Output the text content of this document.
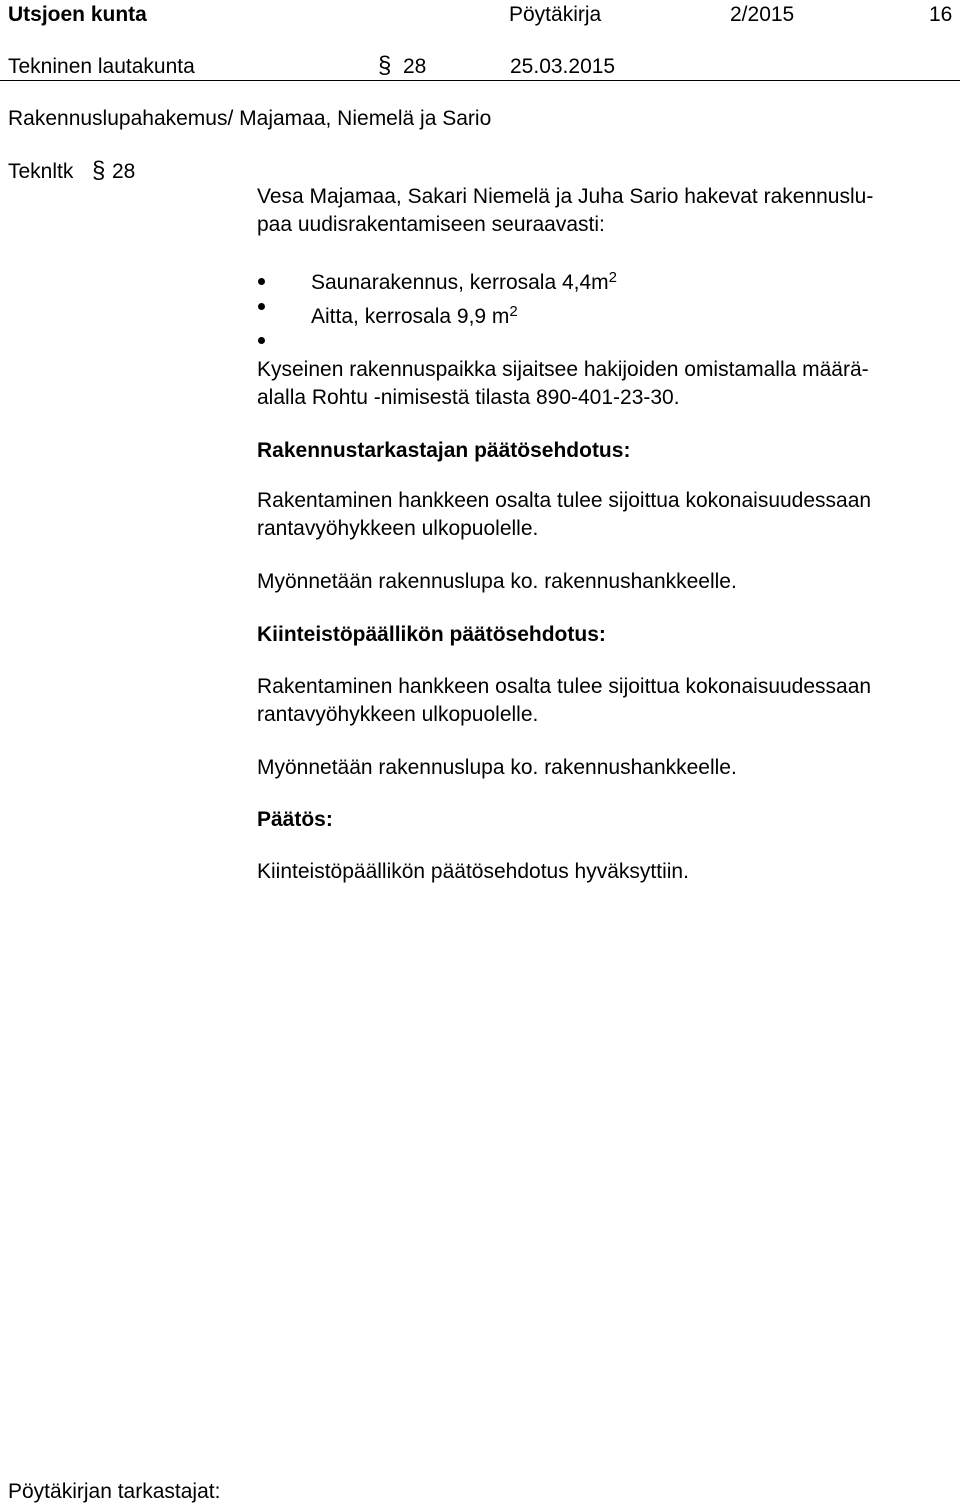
Utsjoen kunta	Pöytäkirja	2/2015	16
Tekninen lautakunta	§ 28	25.03.2015
Rakennuslupahakemus/ Majamaa, Niemelä ja Sario
Teknltk § 28
Vesa Majamaa, Sakari Niemelä ja Juha Sario hakevat rakennuslu-
paa uudisrakentamiseen seuraavasti:
Saunarakennus, kerrosala $4,4m^2$
Aitta, kerrosala 9,9 $m^2$
Kyseinen rakennuspaikka sijaitsee hakijoiden omistamalla määrä-
alalla Rohtu -nimisestä tilasta 890-401-23-30.
Rakennustarkastajan päätösehdotus:
Rakentaminen hankkeen osalta tulee sijoittua kokonaisuudessaan
rantavyöhykkeen ulkopuolelle.
Myönnetään rakennuslupa ko. rakennushankkeelle.
Kiinteistöpäällikön päätösehdotus:
Rakentaminen hankkeen osalta tulee sijoittua kokonaisuudessaan
rantavyöhykkeen ulkopuolelle.
Myönnetään rakennuslupa ko. rakennushankkeelle.
Päätös:
Kiinteistöpäällikön päätösehdotus hyväksyttiin.
Pöytäkirjan tarkastajat:
